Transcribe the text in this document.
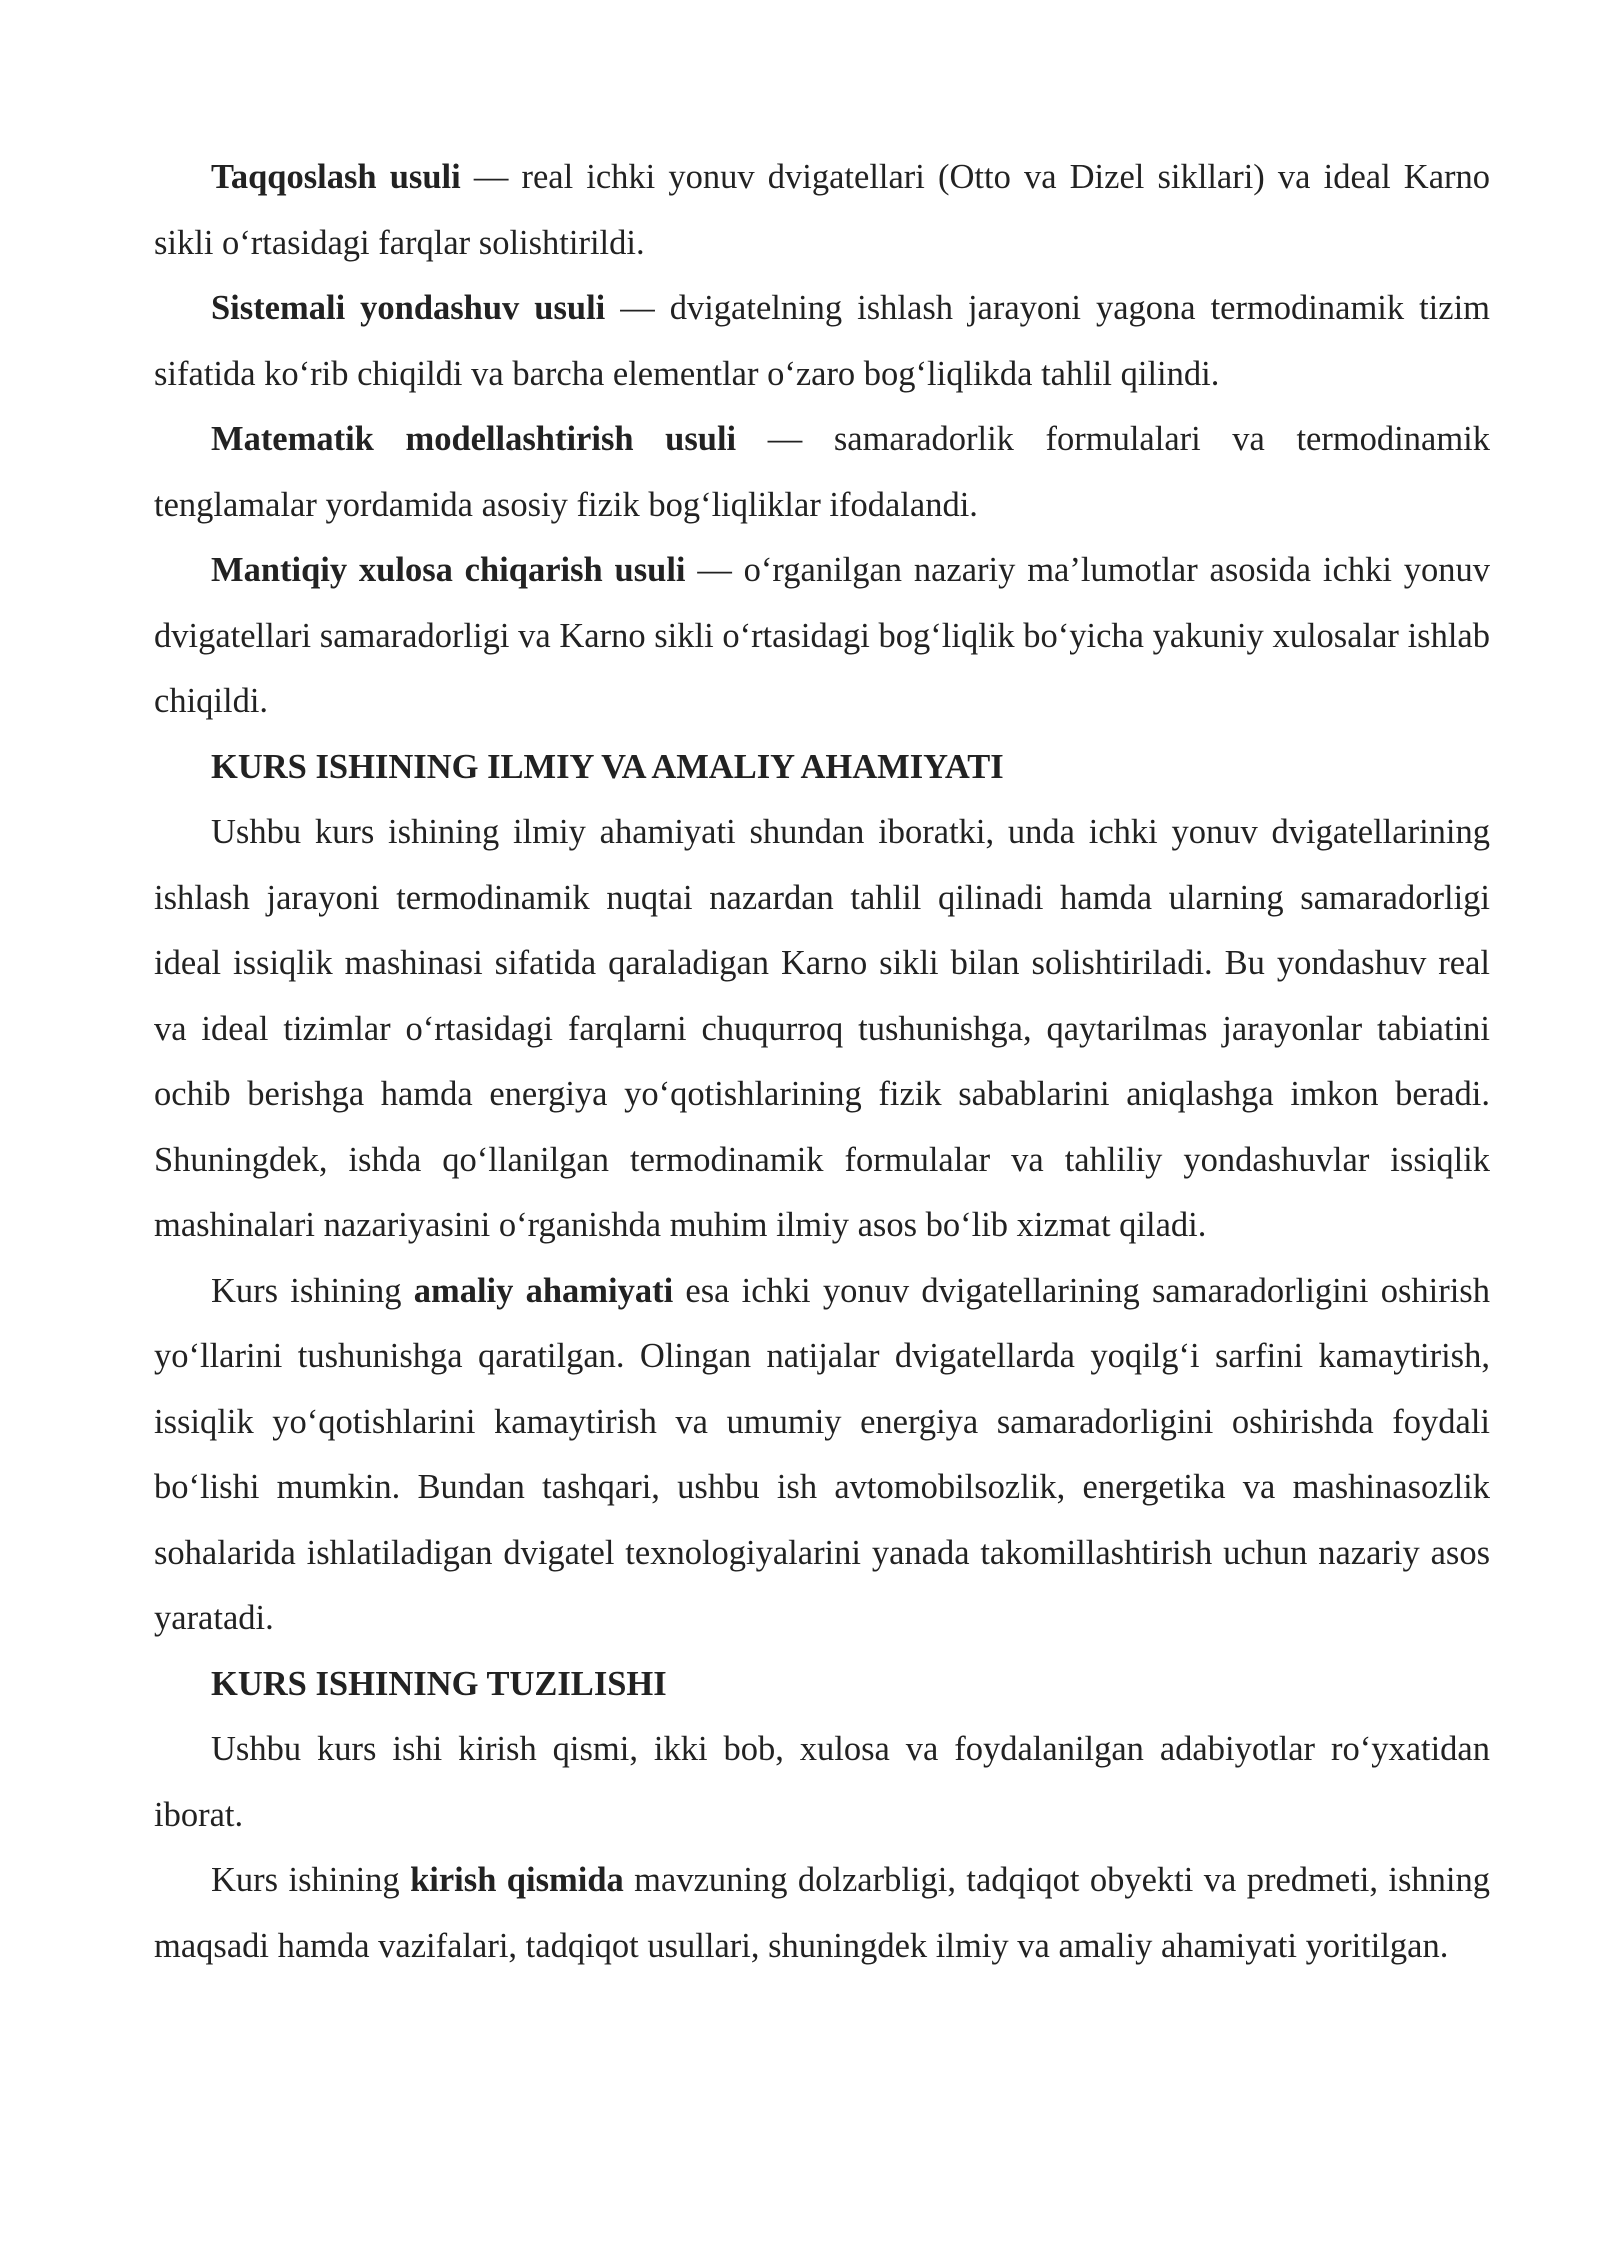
Taqqoslash usuli — real ichki yonuv dvigatellari (Otto va Dizel sikllari) va ideal Karno sikli o‘rtasidagi farqlar solishtirildi.

Sistemali yondashuv usuli — dvigatelning ishlash jarayoni yagona termodinamik tizim sifatida ko‘rib chiqildi va barcha elementlar o‘zaro bog‘liqlikda tahlil qilindi.

Matematik modellashtirish usuli — samaradorlik formulalari va termodinamik tenglamalar yordamida asosiy fizik bog‘liqliklar ifodalandi.

Mantiqiy xulosa chiqarish usuli — o‘rganilgan nazariy ma’lumotlar asosida ichki yonuv dvigatellari samaradorligi va Karno sikli o‘rtasidagi bog‘liqlik bo‘yicha yakuniy xulosalar ishlab chiqildi.

KURS ISHINING ILMIY VA AMALIY AHAMIYATI

Ushbu kurs ishining ilmiy ahamiyati shundan iboratki, unda ichki yonuv dvigatellarining ishlash jarayoni termodinamik nuqtai nazardan tahlil qilinadi hamda ularning samaradorligi ideal issiqlik mashinasi sifatida qaraladigan Karno sikli bilan solishtiriladi. Bu yondashuv real va ideal tizimlar o‘rtasidagi farqlarni chuqurroq tushunishga, qaytarilmas jarayonlar tabiatini ochib berishga hamda energiya yo‘qotishlarining fizik sabablarini aniqlashga imkon beradi. Shuningdek, ishda qo‘llanilgan termodinamik formulalar va tahliliy yondashuvlar issiqlik mashinalari nazariyasini o‘rganishda muhim ilmiy asos bo‘lib xizmat qiladi.

Kurs ishining amaliy ahamiyati esa ichki yonuv dvigatellarining samaradorligini oshirish yo‘llarini tushunishga qaratilgan. Olingan natijalar dvigatellarda yoqilg‘i sarfini kamaytirish, issiqlik yo‘qotishlarini kamaytirish va umumiy energiya samaradorligini oshirishda foydali bo‘lishi mumkin. Bundan tashqari, ushbu ish avtomobilsozlik, energetika va mashinasozlik sohalarida ishlatiladigan dvigatel texnologiyalarini yanada takomillashtirish uchun nazariy asos yaratadi.

KURS ISHINING TUZILISHI

Ushbu kurs ishi kirish qismi, ikki bob, xulosa va foydalanilgan adabiyotlar ro‘yxatidan iborat.

Kurs ishining kirish qismida mavzuning dolzarbligi, tadqiqot obyekti va predmeti, ishning maqsadi hamda vazifalari, tadqiqot usullari, shuningdek ilmiy va amaliy ahamiyati yoritilgan.
